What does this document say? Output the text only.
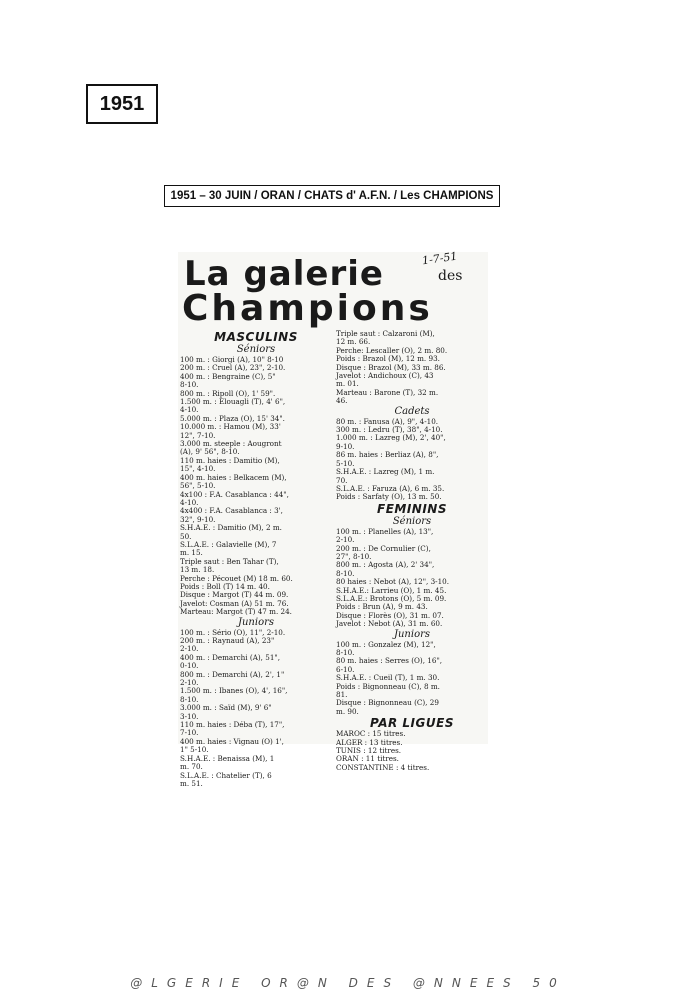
1951
1951 – 30 JUIN / ORAN / CHATS d' A.F.N. / Les CHAMPIONS
La galerie	1-7-51
des
Champions
MASCULINS
Séniors
100 m. : Giorgi (A), 10" 8-10
200 m. : Cruel (A), 23", 2-10.
400 m. : Bengraine (C), 5"
8-10.
800 m. : Ripoll (O), 1' 59".
1.500 m. : Elouagli (T), 4' 6",
4-10.
5.000 m. : Plaza (O), 15' 34".
10.000 m. : Hamou (M), 33'
12", 7-10.
3.000 m. steeple : Aougront
(A), 9' 56", 8-10.
110 m. haies : Damitio (M),
15", 4-10.
400 m. haies : Belkacem (M),
56", 5-10.
4x100 : F.A. Casablanca : 44",
4-10.
4x400 : F.A. Casablanca : 3',
32", 9-10.
S.H.A.E. : Damitio (M), 2 m.
50.
S.L.A.E. : Galavielle (M), 7
m. 15.
Triple saut : Ben Tahar (T),
13 m. 18.
Perche : Pécouet (M) 18 m. 60.
Poids : Boll (T) 14 m. 40.
Disque : Margot (T) 44 m. 09.
Javelot: Cosman (A) 51 m. 76.
Marteau: Margot (T) 47 m. 24.
Juniors
100 m. : Sério (O), 11", 2-10.
200 m. : Raynaud (A), 23"
2-10.
400 m. : Demarchi (A), 51",
0-10.
800 m. : Demarchi (A), 2', 1"
2-10.
1.500 m. : Ibanes (O), 4', 16",
8-10.
3.000 m. : Saïd (M), 9' 6"
3-10.
110 m. haies : Déba (T), 17",
7-10.
400 m. haies : Vignau (O) 1',
1" 5-10.
S.H.A.E. : Benaissa (M), 1
m. 70.
S.L.A.E. : Chatelier (T), 6
m. 51.
Triple saut : Calzaroni (M),
12 m. 66.
Perche: Lescaller (O), 2 m. 80.
Poids : Brazol (M), 12 m. 93.
Disque : Brazol (M), 33 m. 86.
Javelot : Andichoux (C), 43
m. 01.
Marteau : Barone (T), 32 m.
46.
Cadets
80 m. : Fanusa (A), 9", 4-10.
300 m. : Ledru (T), 38", 4-10.
1.000 m. : Lazreg (M), 2', 40",
9-10.
86 m. haies : Berliaz (A), 8",
5-10.
S.H.A.E. : Lazreg (M), 1 m.
70.
S.L.A.E. : Faruza (A), 6 m. 35.
Poids : Sarfaty (O), 13 m. 50.
FEMININS
Séniors
100 m. : Planelles (A), 13",
2-10.
200 m. : De Cornulier (C),
27", 8-10.
800 m. : Agosta (A), 2' 34",
8-10.
80 haies : Nebot (A), 12", 3-10.
S.H.A.E.: Larrieu (O), 1 m. 45.
S.L.A.E.: Brotons (O), 5 m. 09.
Poids : Brun (A), 9 m. 43.
Disque : Florès (O), 31 m. 07.
Javelot : Nebot (A), 31 m. 60.
Juniors
100 m. : Gonzalez (M), 12",
8-10.
80 m. haies : Serres (O), 16",
6-10.
S.H.A.E. : Cueil (T), 1 m. 30.
Poids : Bignonneau (C), 8 m.
81.
Disque : Bignonneau (C), 29
m. 90.
PAR LIGUES
MAROC : 15 titres.
ALGER : 13 titres.
TUNIS : 12 titres.
ORAN : 11 titres.
CONSTANTINE : 4 titres.
@LGERIE OR@N DES @NNEES 50
